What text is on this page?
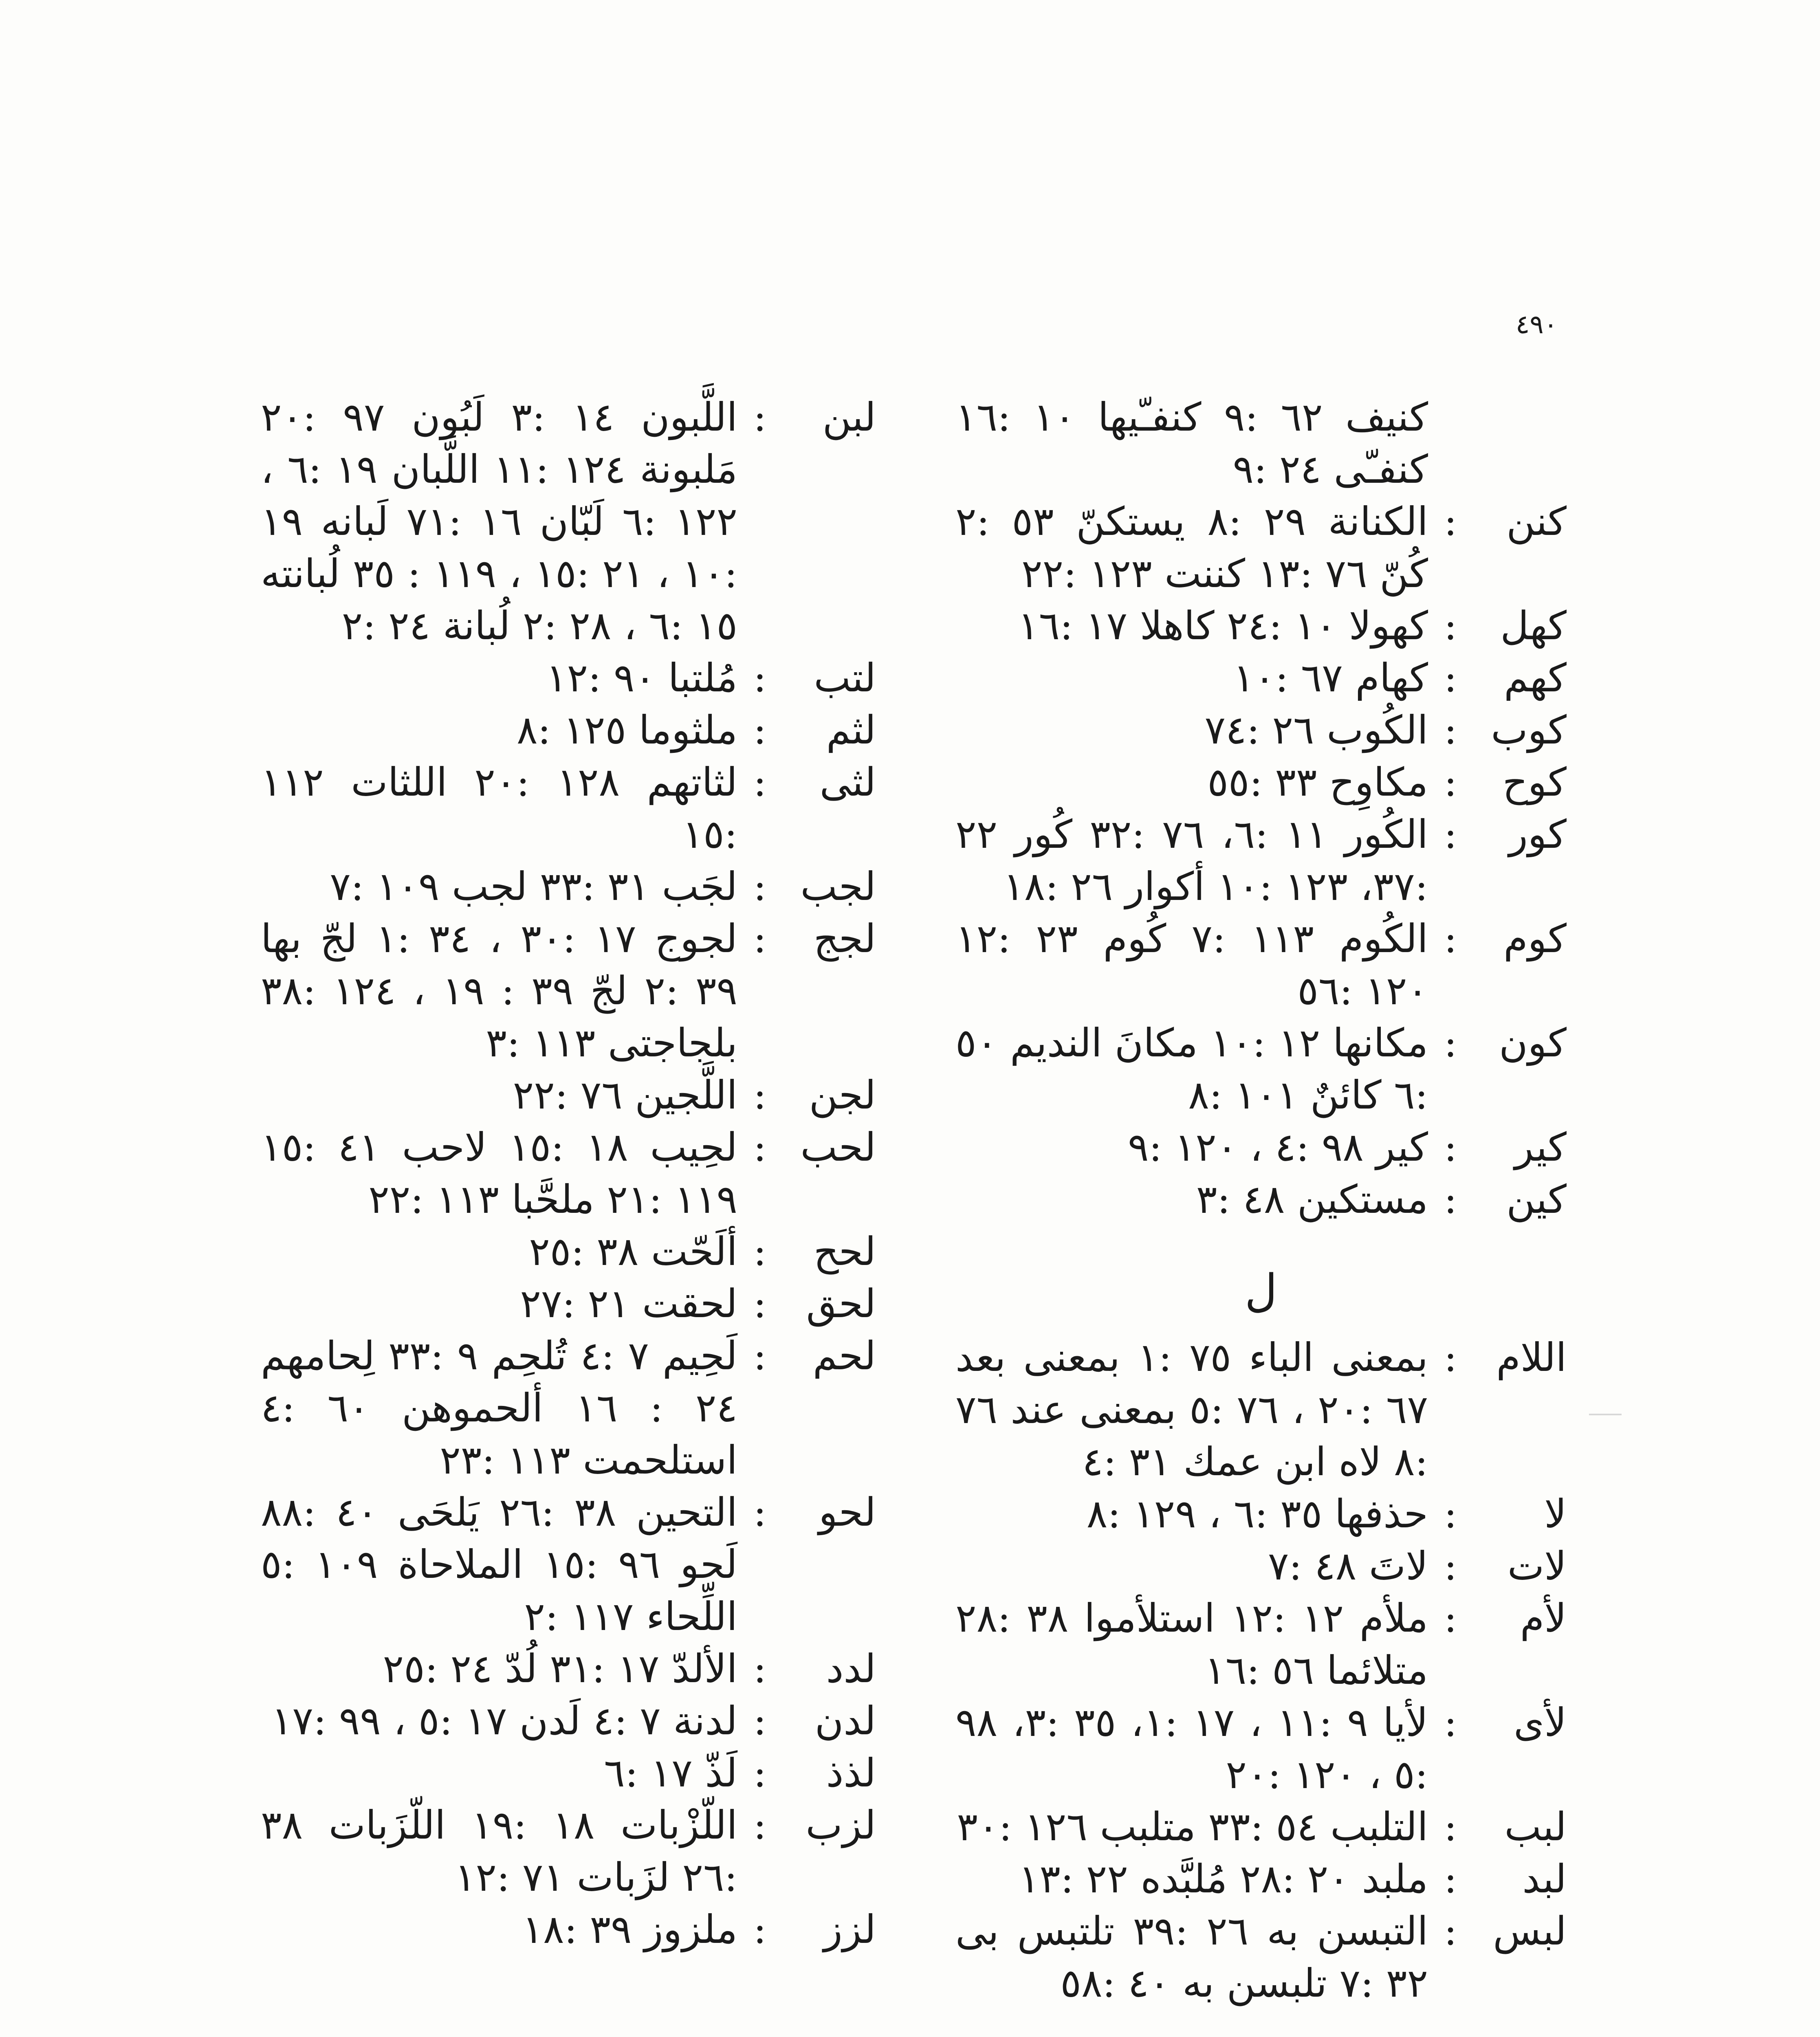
٤٩٠
كنيف ٦٢ :٩ كنفـّيها ١٠ :١٦ كنفـّى ٢٤ :٩
كنن
:
الكنانة ٢٩ :٨ يستكنّ ٥٣ :٢ كُنّ ٧٦ :١٣ كننت ١٢٣ :٢٢
كهل
:
كهولا ١٠ :٢٤ كاهلا ١٧ :١٦
كهم
:
كهام ٦٧ :١٠
كوب
:
الكُوب ٢٦ :٧٤
كوح
:
مكاوِح ٣٣ :٥٥
كور
:
الكُور ١١ :٦، ٧٦ :٣٢ كُور ٢٢ :٣٧، ١٢٣ :١٠ أكوار ٢٦ :١٨
كوم
:
الكُوم ١١٣ :٧ كُوم ٢٣ :١٢ ١٢٠ :٥٦
كون
:
مكانها ١٢ :١٠ مكانَ النديم ٥٠ :٦ كائنٌ ١٠١ :٨
كير
:
كير ٩٨ :٤ ، ١٢٠ :٩
كين
:
مستكين ٤٨ :٣
ل
اللام
:
بمعنى الباء ٧٥ :١ بمعنى بعد ٦٧ :٢٠ ، ٧٦ :٥ بمعنى عند ٧٦ :٨ لاه ابن عمك ٣١ :٤
لا
:
حذفها ٣٥ :٦ ، ١٢٩ :٨
لات
:
لاتَ ٤٨ :٧
لأم
:
ملأم ١٢ :١٢ استلأموا ٣٨ :٢٨ متلائما ٥٦ :١٦
لأى
:
لأيا ٩ :١١ ، ١٧ :١، ٣٥ :٣، ٩٨ :٥ ، ١٢٠ :٢٠
لبب
:
التلبب ٥٤ :٣٣ متلبب ١٢٦ :٣٠
لبد
:
ملبد ٢٠ :٢٨ مُلبَّده ٢٢ :١٣
لبس
:
التبسن به ٢٦ :٣٩ تلتبس بى ٣٢ :٧ تلبسن به ٤٠ :٥٨
لبن
:
اللَّبون ١٤ :٣ لَبُون ٩٧ :٢٠ مَلبونة ١٢٤ :١١ اللَّبان ١٩ :٦ ، ١٢٢ :٦ لَبّان ١٦ :٧١ لَبانه ١٩ :١٠ ، ٢١ :١٥ ، ١١٩ : ٣٥ لُبانته ١٥ :٦ ، ٢٨ :٢ لُبانة ٢٤ :٢
لتب
:
مُلتبا ٩٠ :١٢
لثم
:
ملثوما ١٢٥ :٨
لثى
:
لثاتهم ١٢٨ :٢٠ اللثات ١١٢ :١٥
لجب
:
لجَب ٣١ :٣٣ لجب ١٠٩ :٧
لجج
:
لجوج ١٧ :٣٠ ، ٣٤ :١ لجّ بها ٣٩ :٢ لجّ ٣٩ : ١٩ ، ١٢٤ :٣٨ بلجاجتى ١١٣ :٣
لجن
:
اللَّجين ٧٦ :٢٢
لحب
:
لحِيب ١٨ :١٥ لاحب ٤١ :١٥ ١١٩ :٢١ ملحَّبا ١١٣ :٢٢
لحح
:
ألَحّت ٣٨ :٢٥
لحق
:
لحقت ٢١ :٢٧
لحم
:
لَحِيم ٧ :٤ تُلحِم ٩ :٣٣ لِحامهم ٢٤ : ١٦ ألحموهن ٦٠ :٤ استلحمت ١١٣ :٢٣
لحو
:
التحين ٣٨ :٢٦ يَلحَى ٤٠ :٨٨ لَحو ٩٦ :١٥ الملاحاة ١٠٩ :٥ اللِّحاء ١١٧ :٢
لدد
:
الألدّ ١٧ :٣١ لُدّ ٢٤ :٢٥
لدن
:
لدنة ٧ :٤ لَدن ١٧ :٥ ، ٩٩ :١٧
لذذ
:
لَذّ ١٧ :٦
لزب
:
اللّزْبات ١٨ :١٩ اللّزَبات ٣٨ :٢٦ لزَبات ٧١ :١٢
لزز
:
ملزوز ٣٩ :١٨
